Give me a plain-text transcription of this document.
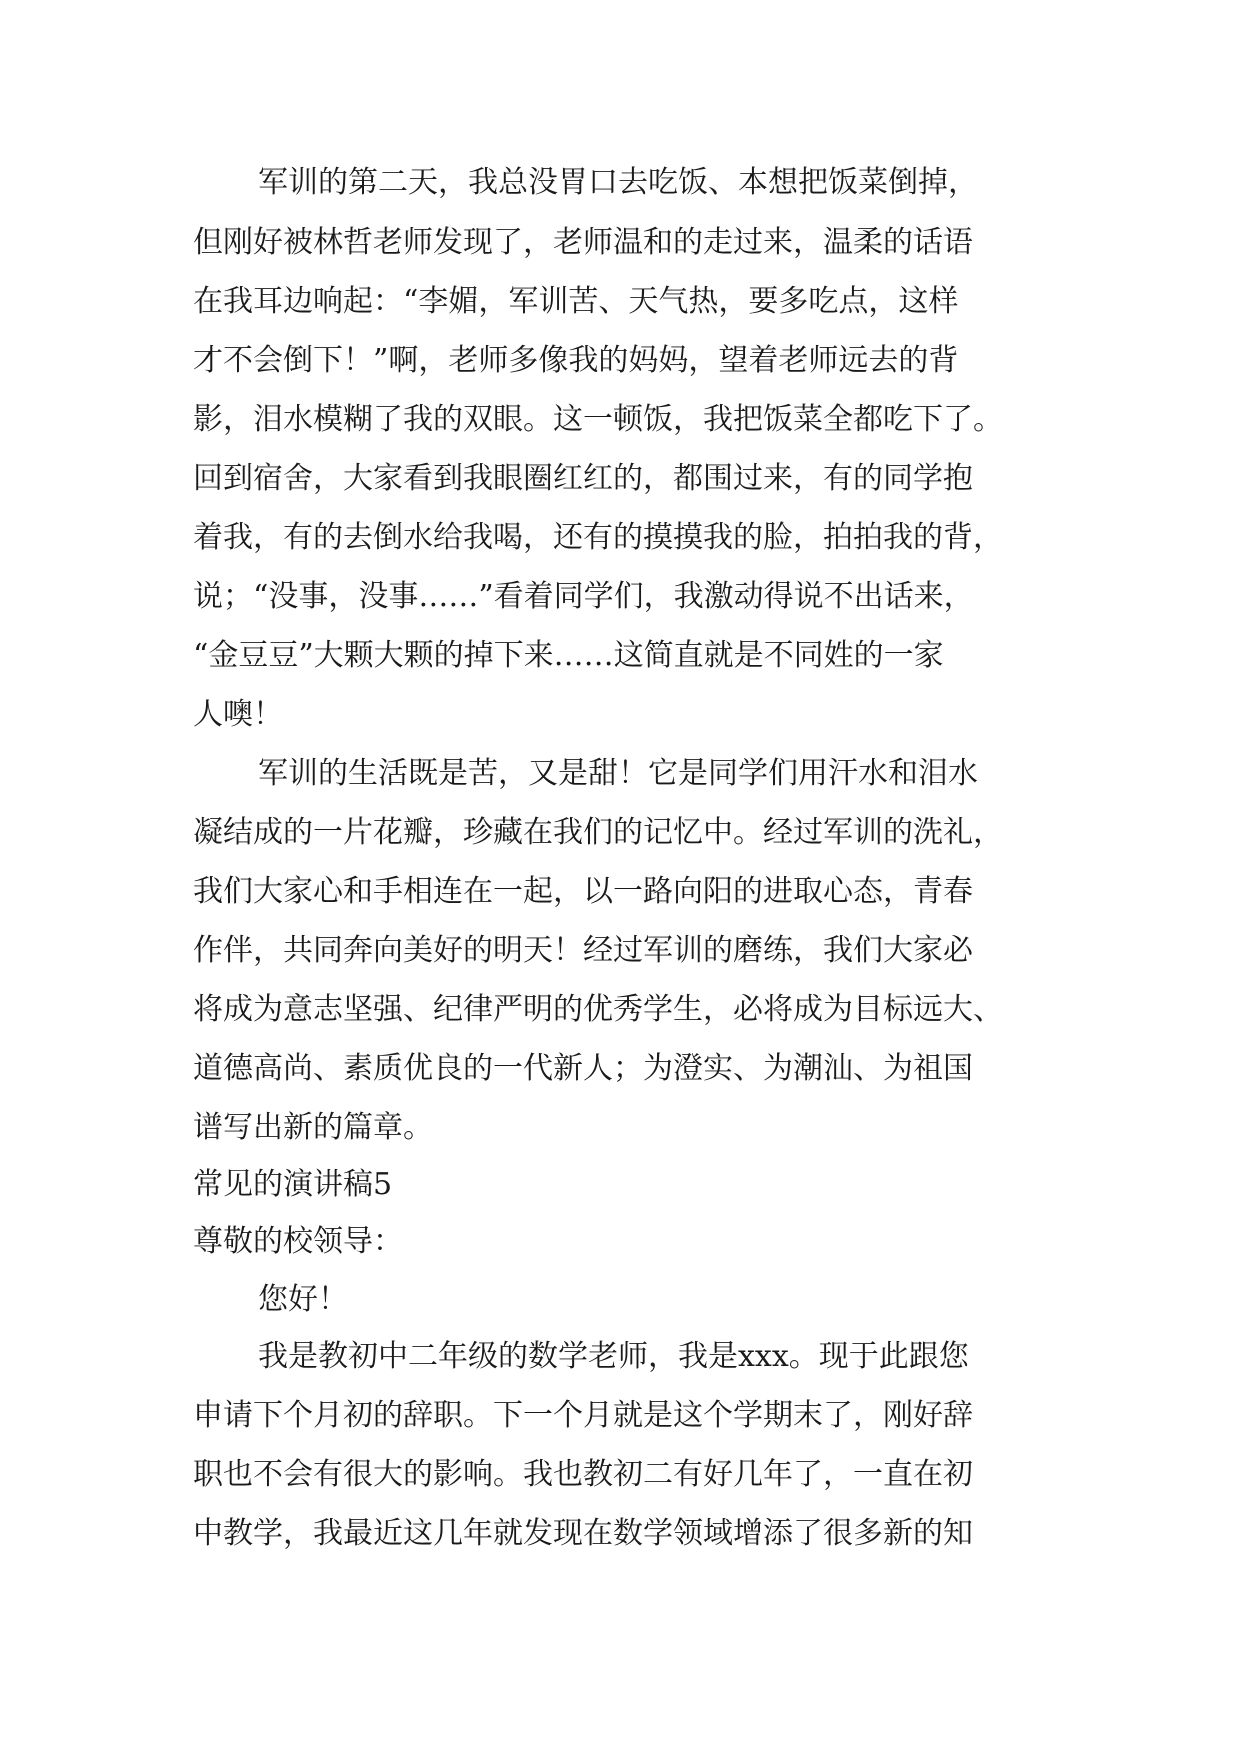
军训的第二天，我总没胃口去吃饭、本想把饭菜倒掉，

但刚好被林哲老师发现了，老师温和的走过来，温柔的话语

在我耳边响起：“李媚，军训苦、天气热，要多吃点，这样

才不会倒下！”啊，老师多像我的妈妈，望着老师远去的背

影，泪水模糊了我的双眼。这一顿饭，我把饭菜全都吃下了。

回到宿舍，大家看到我眼圈红红的，都围过来，有的同学抱

着我，有的去倒水给我喝，还有的摸摸我的脸，拍拍我的背，

说；“没事，没事……”看着同学们，我激动得说不出话来，

“金豆豆”大颗大颗的掉下来……这简直就是不同姓的一家

人噢！

军训的生活既是苦，又是甜！它是同学们用汗水和泪水

凝结成的一片花瓣，珍藏在我们的记忆中。经过军训的洗礼，

我们大家心和手相连在一起，以一路向阳的进取心态，青春

作伴，共同奔向美好的明天！经过军训的磨练，我们大家必

将成为意志坚强、纪律严明的优秀学生，必将成为目标远大、

道德高尚、素质优良的一代新人；为澄实、为潮汕、为祖国

谱写出新的篇章。

常见的演讲稿5

尊敬的校领导：

您好！

我是教初中二年级的数学老师，我是xxx。现于此跟您

申请下个月初的辞职。下一个月就是这个学期末了，刚好辞

职也不会有很大的影响。我也教初二有好几年了，一直在初

中教学，我最近这几年就发现在数学领域增添了很多新的知
